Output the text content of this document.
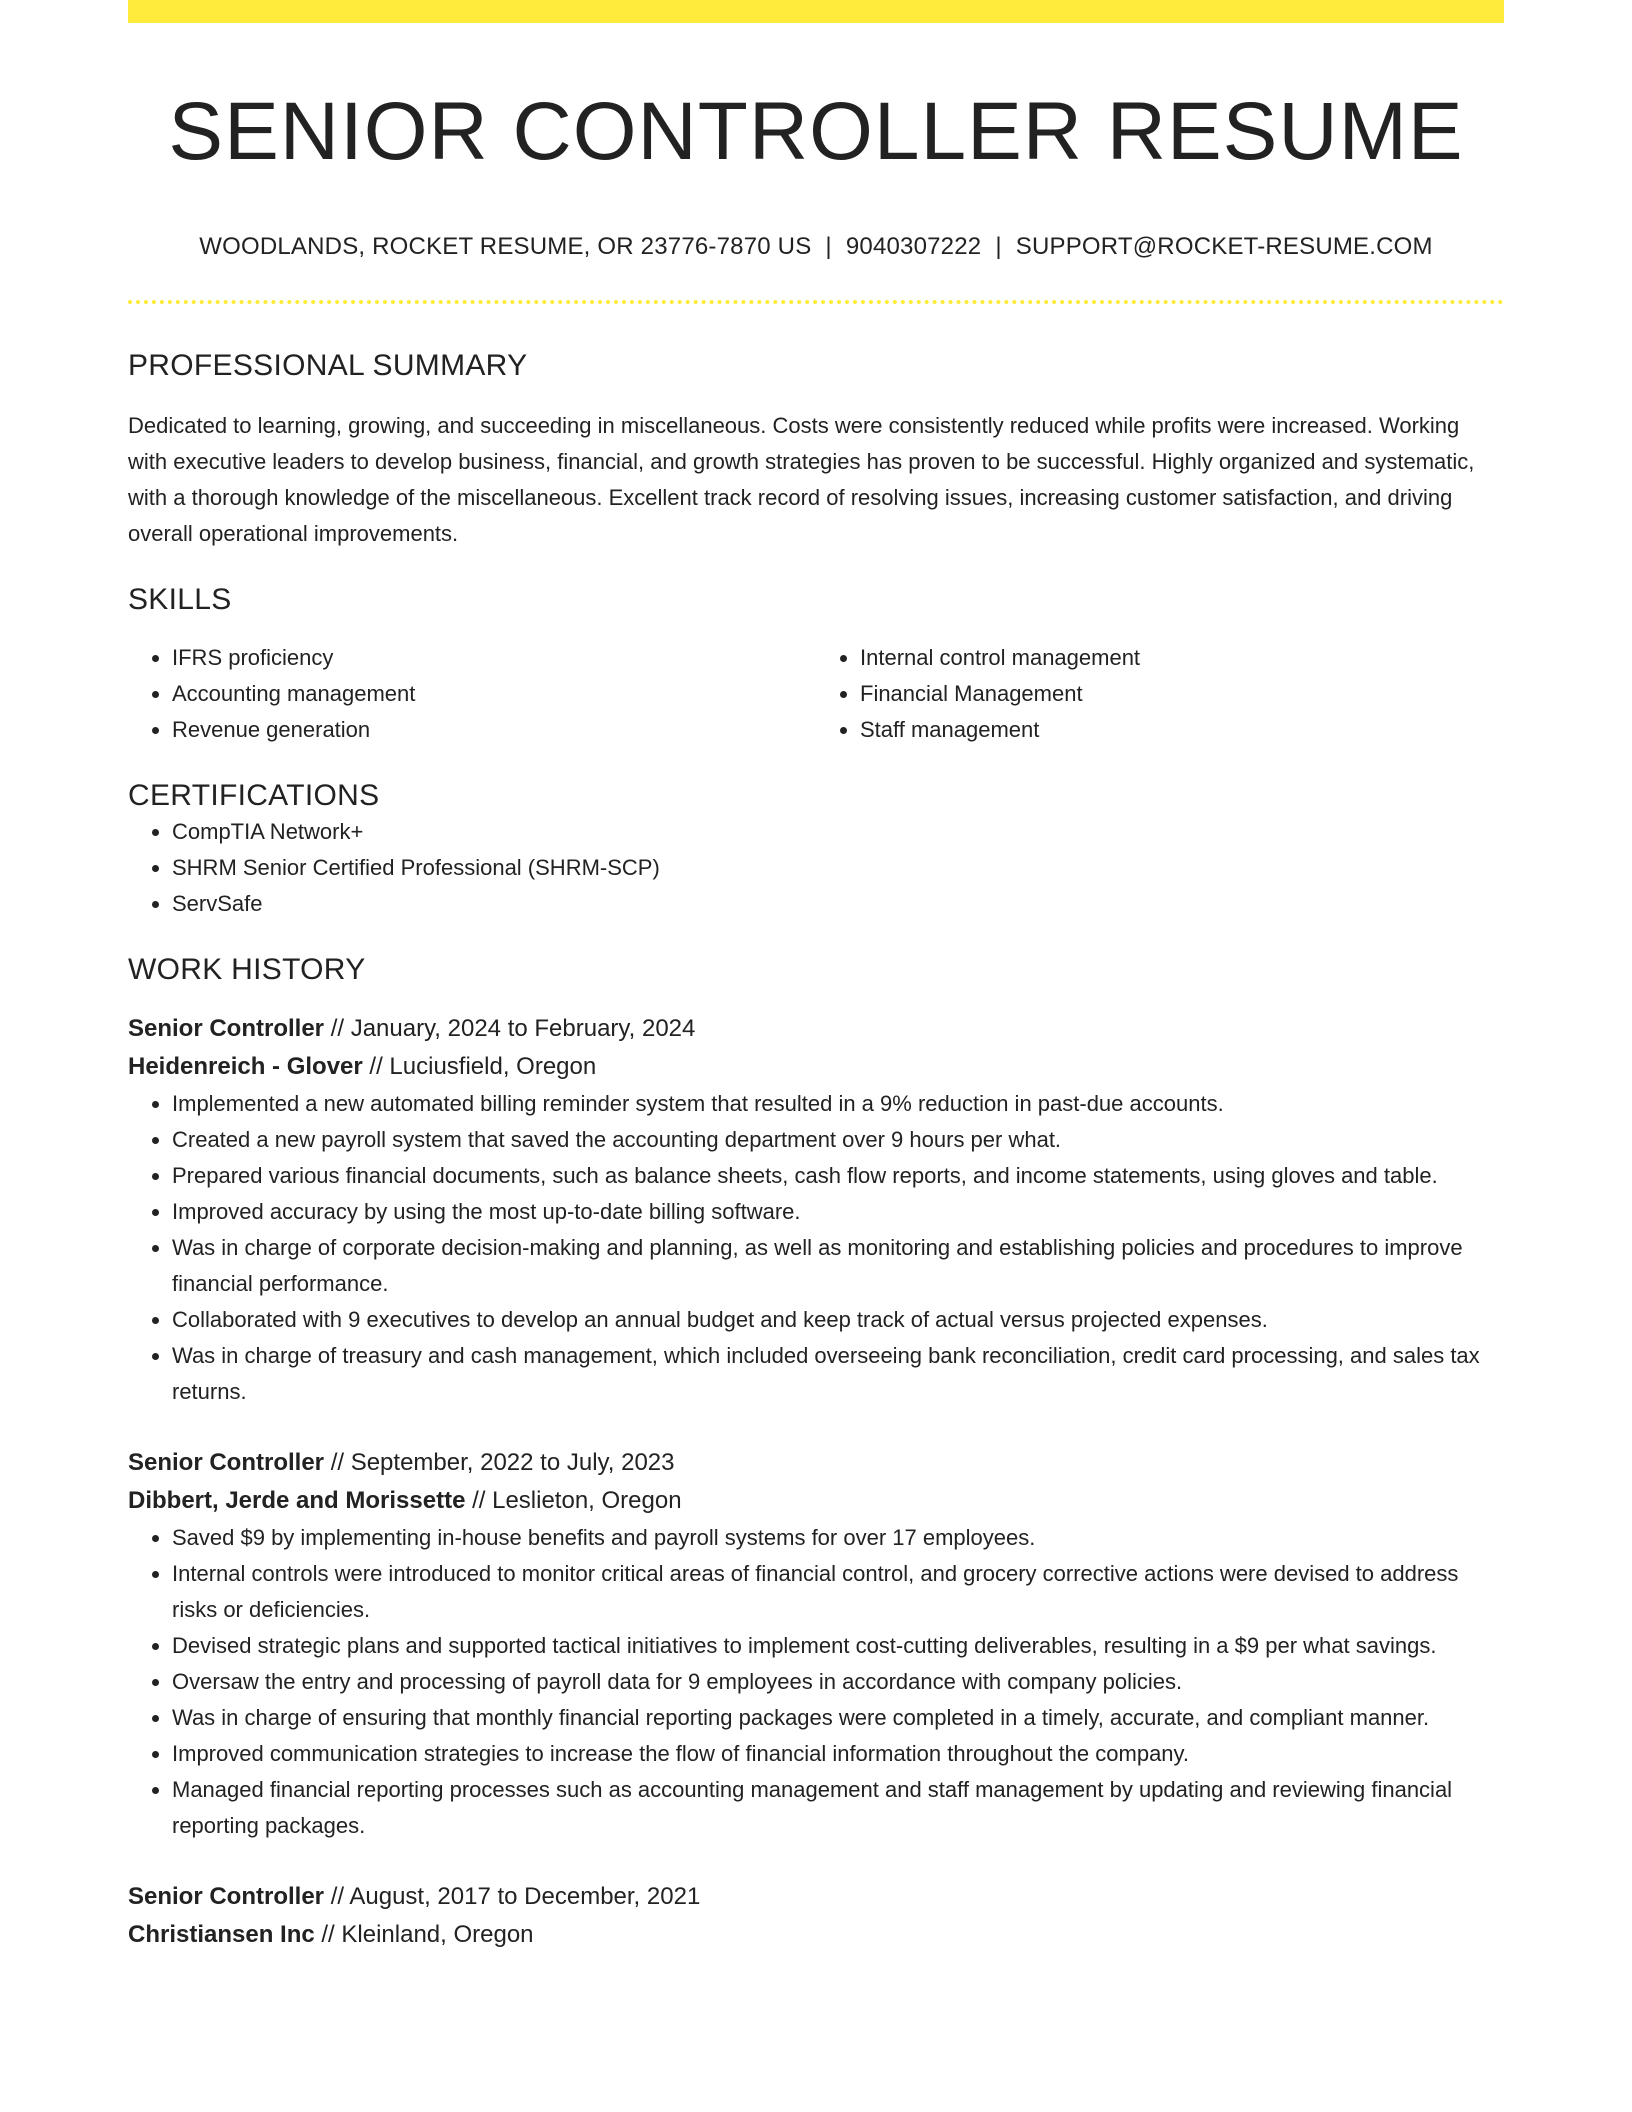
SENIOR CONTROLLER RESUME
WOODLANDS, ROCKET RESUME, OR 23776-7870 US | 9040307222 | SUPPORT@ROCKET-RESUME.COM
PROFESSIONAL SUMMARY
Dedicated to learning, growing, and succeeding in miscellaneous. Costs were consistently reduced while profits were increased. Working with executive leaders to develop business, financial, and growth strategies has proven to be successful. Highly organized and systematic, with a thorough knowledge of the miscellaneous. Excellent track record of resolving issues, increasing customer satisfaction, and driving overall operational improvements.
SKILLS
• IFRS proficiency
• Accounting management
• Revenue generation
• Internal control management
• Financial Management
• Staff management
CERTIFICATIONS
• CompTIA Network+
• SHRM Senior Certified Professional (SHRM-SCP)
• ServSafe
WORK HISTORY
Senior Controller // January, 2024 to February, 2024
Heidenreich - Glover // Luciusfield, Oregon
• Implemented a new automated billing reminder system that resulted in a 9% reduction in past-due accounts.
• Created a new payroll system that saved the accounting department over 9 hours per what.
• Prepared various financial documents, such as balance sheets, cash flow reports, and income statements, using gloves and table.
• Improved accuracy by using the most up-to-date billing software.
• Was in charge of corporate decision-making and planning, as well as monitoring and establishing policies and procedures to improve financial performance.
• Collaborated with 9 executives to develop an annual budget and keep track of actual versus projected expenses.
• Was in charge of treasury and cash management, which included overseeing bank reconciliation, credit card processing, and sales tax returns.
Senior Controller // September, 2022 to July, 2023
Dibbert, Jerde and Morissette // Leslieton, Oregon
• Saved $9 by implementing in-house benefits and payroll systems for over 17 employees.
• Internal controls were introduced to monitor critical areas of financial control, and grocery corrective actions were devised to address risks or deficiencies.
• Devised strategic plans and supported tactical initiatives to implement cost-cutting deliverables, resulting in a $9 per what savings.
• Oversaw the entry and processing of payroll data for 9 employees in accordance with company policies.
• Was in charge of ensuring that monthly financial reporting packages were completed in a timely, accurate, and compliant manner.
• Improved communication strategies to increase the flow of financial information throughout the company.
• Managed financial reporting processes such as accounting management and staff management by updating and reviewing financial reporting packages.
Senior Controller // August, 2017 to December, 2021
Christiansen Inc // Kleinland, Oregon
